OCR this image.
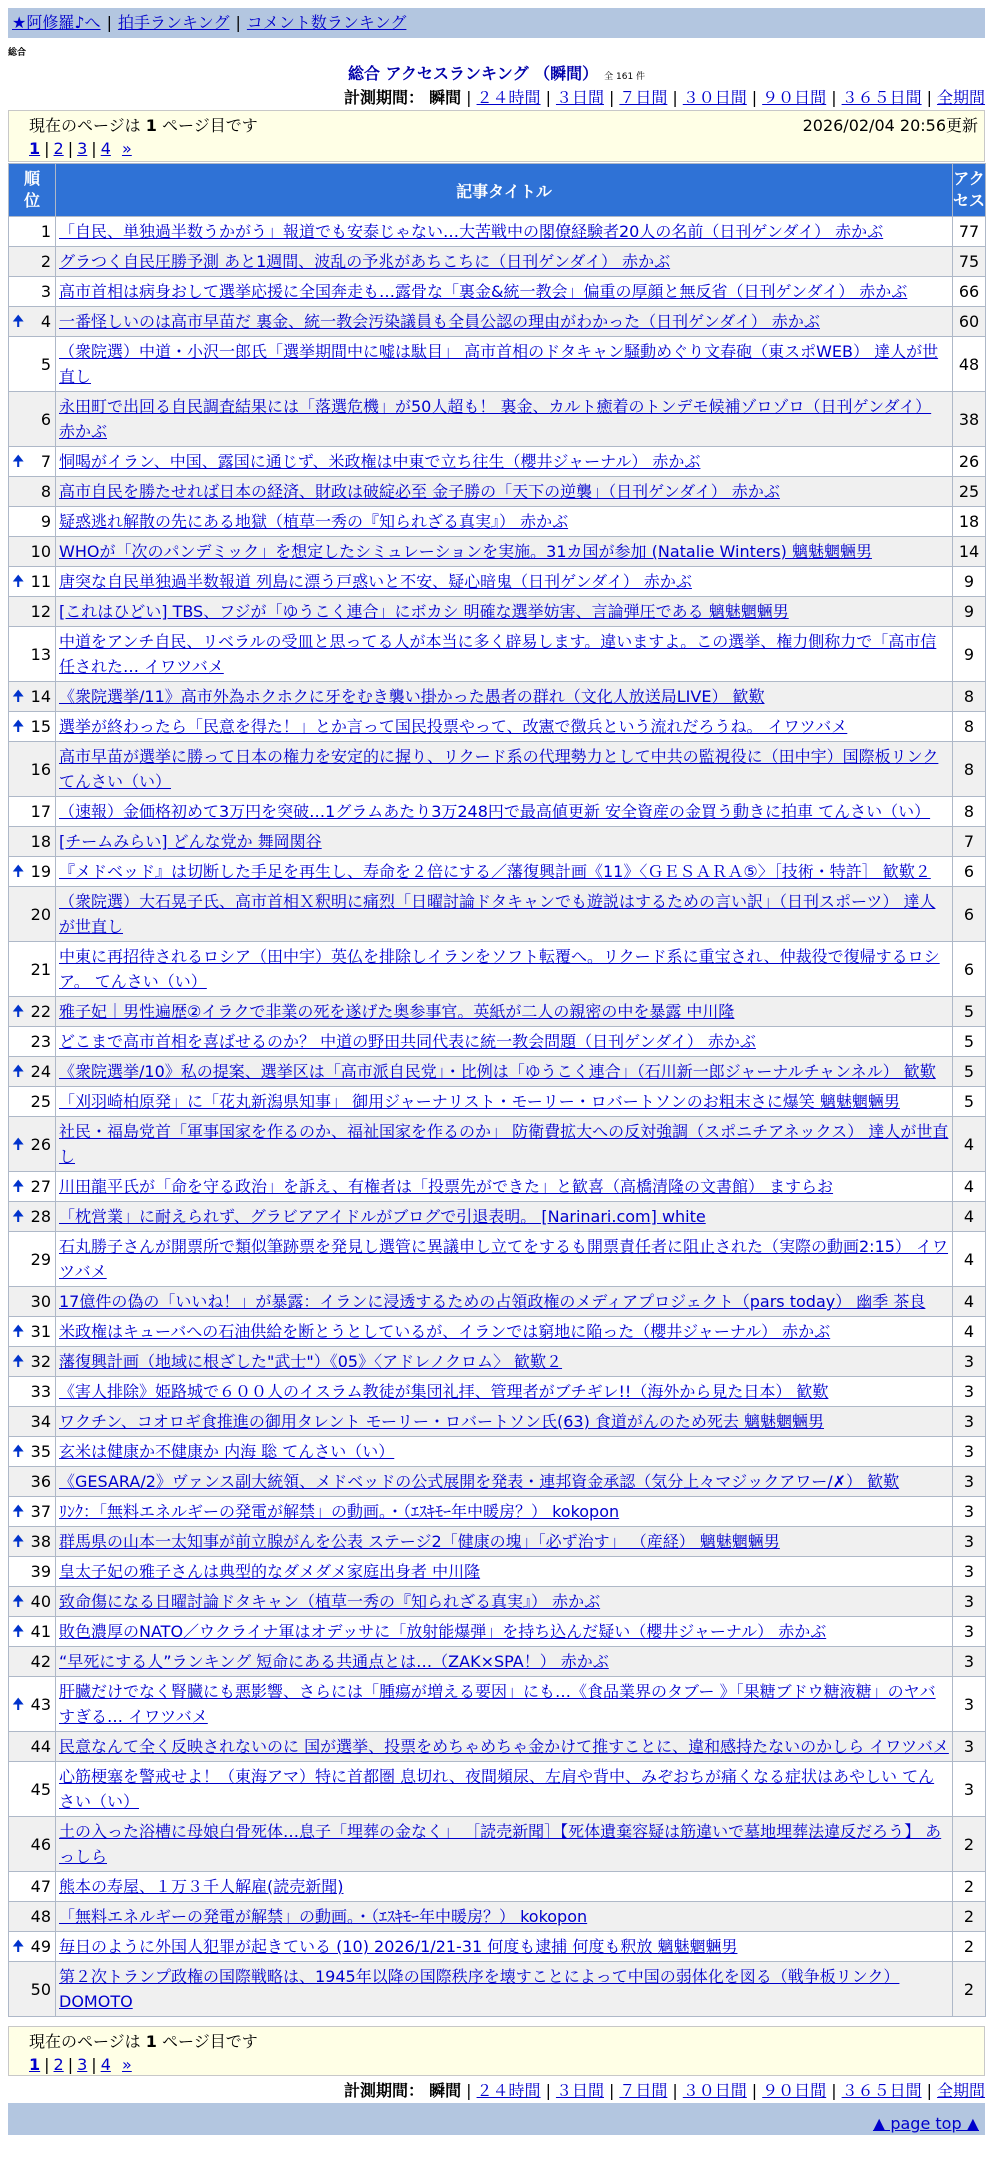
★阿修羅♪へ | 拍手ランキング | コメント数ランキング
総合
総合 アクセスランキング （瞬間） 全 161 件
計測期間： 瞬間 | ２４時間 | ３日間 | ７日間 | ３０日間 | ９０日間 | ３６５日間 | 全期間
現在のページは 1 ページ目です	2026/02/04 20:56更新
1 | 2 | 3 | 4 »
順位	記事タイトル	アクセス
1	「自民、単独過半数うかがう」報道でも安泰じゃない…大苦戦中の閣僚経験者20人の名前（日刊ゲンダイ） 赤かぶ	77
2	グラつく自民圧勝予測 あと1週間、波乱の予兆があちこちに（日刊ゲンダイ） 赤かぶ	75
3	高市首相は病身おして選挙応援に全国奔走も…露骨な「裏金&統一教会」偏重の厚顔と無反省（日刊ゲンダイ） 赤かぶ	66

🠉 4	一番怪しいのは高市早苗だ 裏金、統一教会汚染議員も全員公認の理由がわかった（日刊ゲンダイ） 赤かぶ	60
5	（衆院選）中道・小沢一郎氏「選挙期間中に嘘は駄目」 高市首相のドタキャン騒動めぐり文春砲（東スポWEB） 達人が世直し	48
6	永田町で出回る自民調査結果には「落選危機」が50人超も！ 裏金、カルト癒着のトンデモ候補ゾロゾロ（日刊ゲンダイ） 赤かぶ	38

🠉 7	恫喝がイラン、中国、露国に通じず、米政権は中東で立ち往生（櫻井ジャーナル） 赤かぶ	26
8	高市自民を勝たせれば日本の経済、財政は破綻必至 金子勝の「天下の逆襲」（日刊ゲンダイ） 赤かぶ	25
9	疑惑逃れ解散の先にある地獄（植草一秀の『知られざる真実』） 赤かぶ	18
10	WHOが「次のパンデミック」を想定したシミュレーションを実施。31カ国が参加 (Natalie Winters) 魑魅魍魎男	14

🠉 11	唐突な自民単独過半数報道 列島に漂う戸惑いと不安、疑心暗鬼（日刊ゲンダイ） 赤かぶ	9
12	[これはひどい] TBS、フジが「ゆうこく連合」にボカシ 明確な選挙妨害、言論弾圧である 魑魅魍魎男	9
13	中道をアンチ自民、リベラルの受皿と思ってる人が本当に多く辟易します。違いますよ。この選挙、権力側称力で「高市信任された… イワツバメ	9

🠉 14	《衆院選挙/11》高市外為ホクホクに牙をむき襲い掛かった愚者の群れ（文化人放送局LIVE） 歓歎	8

🠉 15	選挙が終わったら「民意を得た！」とか言って国民投票やって、改憲で徴兵という流れだろうね。 イワツバメ	8
16	高市早苗が選挙に勝って日本の権力を安定的に握り、リクード系の代理勢力として中共の監視役に（田中宇）国際板リンク てんさい（い）	8
17	（速報）金価格初めて3万円を突破…1グラムあたり3万248円で最高値更新 安全資産の金買う動きに拍車 てんさい（い）	8
18	[チームみらい] どんな党か 舞岡関谷	7

🠉 19	『メドベッド』は切断した手足を再生し、寿命を２倍にする／藩復興計画《11》〈ＧＥＳＡＲＡ⑤〉［技術・特許］ 歓歎２	6
20	（衆院選）大石晃子氏、高市首相Ｘ釈明に痛烈「日曜討論ドタキャンでも遊説はするための言い訳」（日刊スポーツ） 達人が世直し	6
21	中東に再招待されるロシア（田中宇）英仏を排除しイランをソフト転覆へ。リクード系に重宝され、仲裁役で復帰するロシア。 てんさい（い）	6

🠉 22	雅子妃｜男性遍歴②イラクで非業の死を遂げた奥参事官。英紙が二人の親密の中を暴露 中川隆	5
23	どこまで高市首相を喜ばせるのか？ 中道の野田共同代表に統一教会問題（日刊ゲンダイ） 赤かぶ	5

🠉 24	《衆院選挙/10》私の提案、選挙区は「高市派自民党」・比例は「ゆうこく連合」（石川新一郎ジャーナルチャンネル） 歓歎	5
25	「刈羽崎柏原発」に「花丸新潟県知事」 御用ジャーナリスト・モーリー・ロバートソンのお粗末さに爆笑 魑魅魍魎男	5

🠉 26	社民・福島党首「軍事国家を作るのか、福祉国家を作るのか」 防衛費拡大への反対強調（スポニチアネックス） 達人が世直し	4

🠉 27	川田龍平氏が「命を守る政治」を訴え、有権者は「投票先ができた」と歓喜（高橋清隆の文書館） ますらお	4

🠉 28	「枕営業」に耐えられず、グラビアアイドルがブログで引退表明。 [Narinari.com] white	4
29	石丸勝子さんが開票所で類似筆跡票を発見し選管に異議申し立てをするも開票責任者に阻止された（実際の動画2:15） イワツバメ	4
30	17億件の偽の「いいね！」が暴露：イランに浸透するための占領政権のメディアプロジェクト（pars today） 幽季 茶良	4

🠉 31	米政権はキューバへの石油供給を断とうとしているが、イランでは窮地に陥った（櫻井ジャーナル） 赤かぶ	4

🠉 32	藩復興計画（地域に根ざした"武士"）《05》〈アドレノクロム〉 歓歎２	3
33	《害人排除》姫路城で６００人のイスラム教徒が集団礼拝、管理者がブチギレ!!（海外から見た日本） 歓歎	3
34	ワクチン、コオロギ食推進の御用タレント モーリー・ロバートソン氏(63) 食道がんのため死去 魑魅魍魎男	3

🠉 35	玄米は健康か不健康か 内海 聡 てんさい（い）	3
36	《GESARA/2》ヴァンス副大統領、メドベッドの公式展開を発表・連邦資金承認（気分上々マジックアワー/✗） 歓歎	3

🠉 37	ﾘﾝｸ：「無料エネルギーの発電が解禁」の動画。・（ｴｽｷﾓｰ年中暖房？） kokopon	3

🠉 38	群馬県の山本一太知事が前立腺がんを公表 ステージ2「健康の塊」「必ず治す」 （産経） 魑魅魍魎男	3
39	皇太子妃の雅子さんは典型的なダメダメ家庭出身者 中川隆	3

🠉 40	致命傷になる日曜討論ドタキャン（植草一秀の『知られざる真実』） 赤かぶ	3

🠉 41	敗色濃厚のNATO／ウクライナ軍はオデッサに「放射能爆弾」を持ち込んだ疑い（櫻井ジャーナル） 赤かぶ	3
42	“早死にする人”ランキング 短命にある共通点とは…（ZAK×SPA！） 赤かぶ	3

🠉 43	肝臓だけでなく腎臓にも悪影響、さらには「腫瘍が増える要因」にも…《食品業界のタブー 》「果糖ブドウ糖液糖」のヤバすぎる… イワツバメ	3
44	民意なんて全く反映されないのに 国が選挙、投票をめちゃめちゃ金かけて推すことに、違和感持たないのかしら イワツバメ	3
45	心筋梗塞を警戒せよ！（東海アマ）特に首都圏 息切れ、夜間頻尿、左肩や背中、みぞおちが痛くなる症状はあやしい てんさい（い）	3
46	土の入った浴槽に母娘白骨死体…息子「埋葬の金なく」 ［読売新聞］【死体遺棄容疑は筋違いで墓地埋葬法違反だろう】 あっしら	2
47	熊本の寿屋、１万３千人解雇(読売新聞)	2
48	「無料エネルギーの発電が解禁」の動画。・（ｴｽｷﾓｰ年中暖房？） kokopon	2

🠉 49	毎日のように外国人犯罪が起きている (10) 2026/1/21-31 何度も逮捕 何度も釈放 魑魅魍魎男	2
50	第２次トランプ政権の国際戦略は、1945年以降の国際秩序を壊すことによって中国の弱体化を図る（戦争板リンク） DOMOTO	2
現在のページは 1 ページ目です
1 | 2 | 3 | 4 »
計測期間： 瞬間 | ２４時間 | ３日間 | ７日間 | ３０日間 | ９０日間 | ３６５日間 | 全期間
▲ page top ▲
